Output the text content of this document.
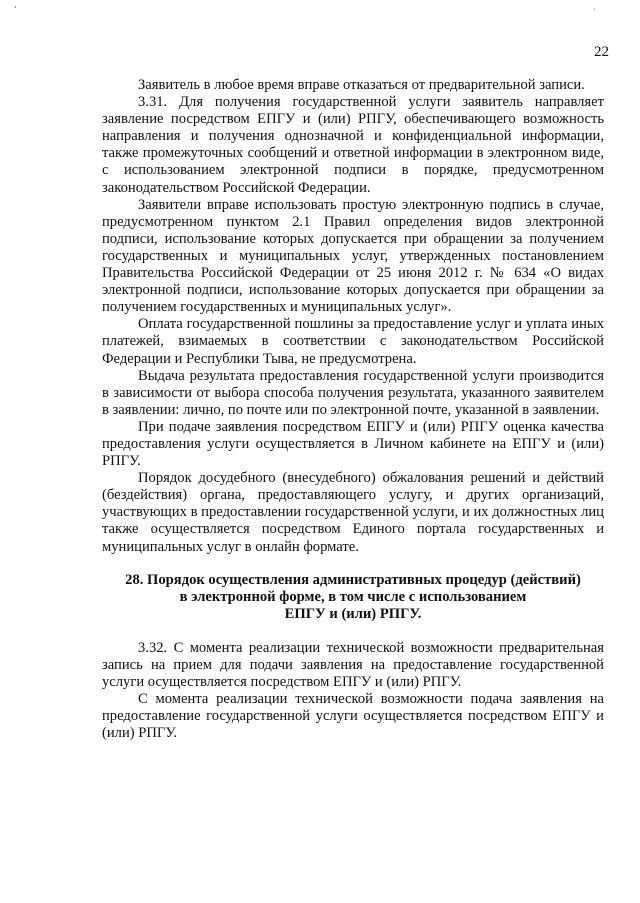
‘	·
22

Заявитель в любое время вправе отказаться от предварительной записи.

3.31. Для получения государственной услуги заявитель направляет заявление посредством ЕПГУ и (или) РПГУ, обеспечивающего возможность направления и получения однозначной и конфиденциальной информации, также промежуточных сообщений и ответной информации в электронном виде, с использованием электронной подписи в порядке, предусмотренном законодательством Российской Федерации.

Заявители вправе использовать простую электронную подпись в случае, предусмотренном пунктом 2.1 Правил определения видов электронной подписи, использование которых допускается при обращении за получением государственных и муниципальных услуг, утвержденных постановлением Правительства Российской Федерации от 25 июня 2012 г. № 634 «О видах электронной подписи, использование которых допускается при обращении за получением государственных и муниципальных услуг».

Оплата государственной пошлины за предоставление услуг и уплата иных платежей, взимаемых в соответствии с законодательством Российской Федерации и Республики Тыва, не предусмотрена.

Выдача результата предоставления государственной услуги производится в зависимости от выбора способа получения результата, указанного заявителем в заявлении: лично, по почте или по электронной почте, указанной в заявлении.

При подаче заявления посредством ЕПГУ и (или) РПГУ оценка качества предоставления услуги осуществляется в Личном кабинете на ЕПГУ и (или) РПГУ.

Порядок досудебного (внесудебного) обжалования решений и действий (бездействия) органа, предоставляющего услугу, и других организаций, участвующих в предоставлении государственной услуги, и их должностных лиц также осуществляется посредством Единого портала государственных и муниципальных услуг в онлайн формате.

28. Порядок осуществления административных процедур (действий)
в электронной форме, в том числе с использованием
ЕПГУ и (или) РПГУ.

3.32. С момента реализации технической возможности предварительная запись на прием для подачи заявления на предоставление государственной услуги осуществляется посредством ЕПГУ и (или) РПГУ.

С момента реализации технической возможности подача заявления на предоставление государственной услуги осуществляется посредством ЕПГУ и (или) РПГУ.
